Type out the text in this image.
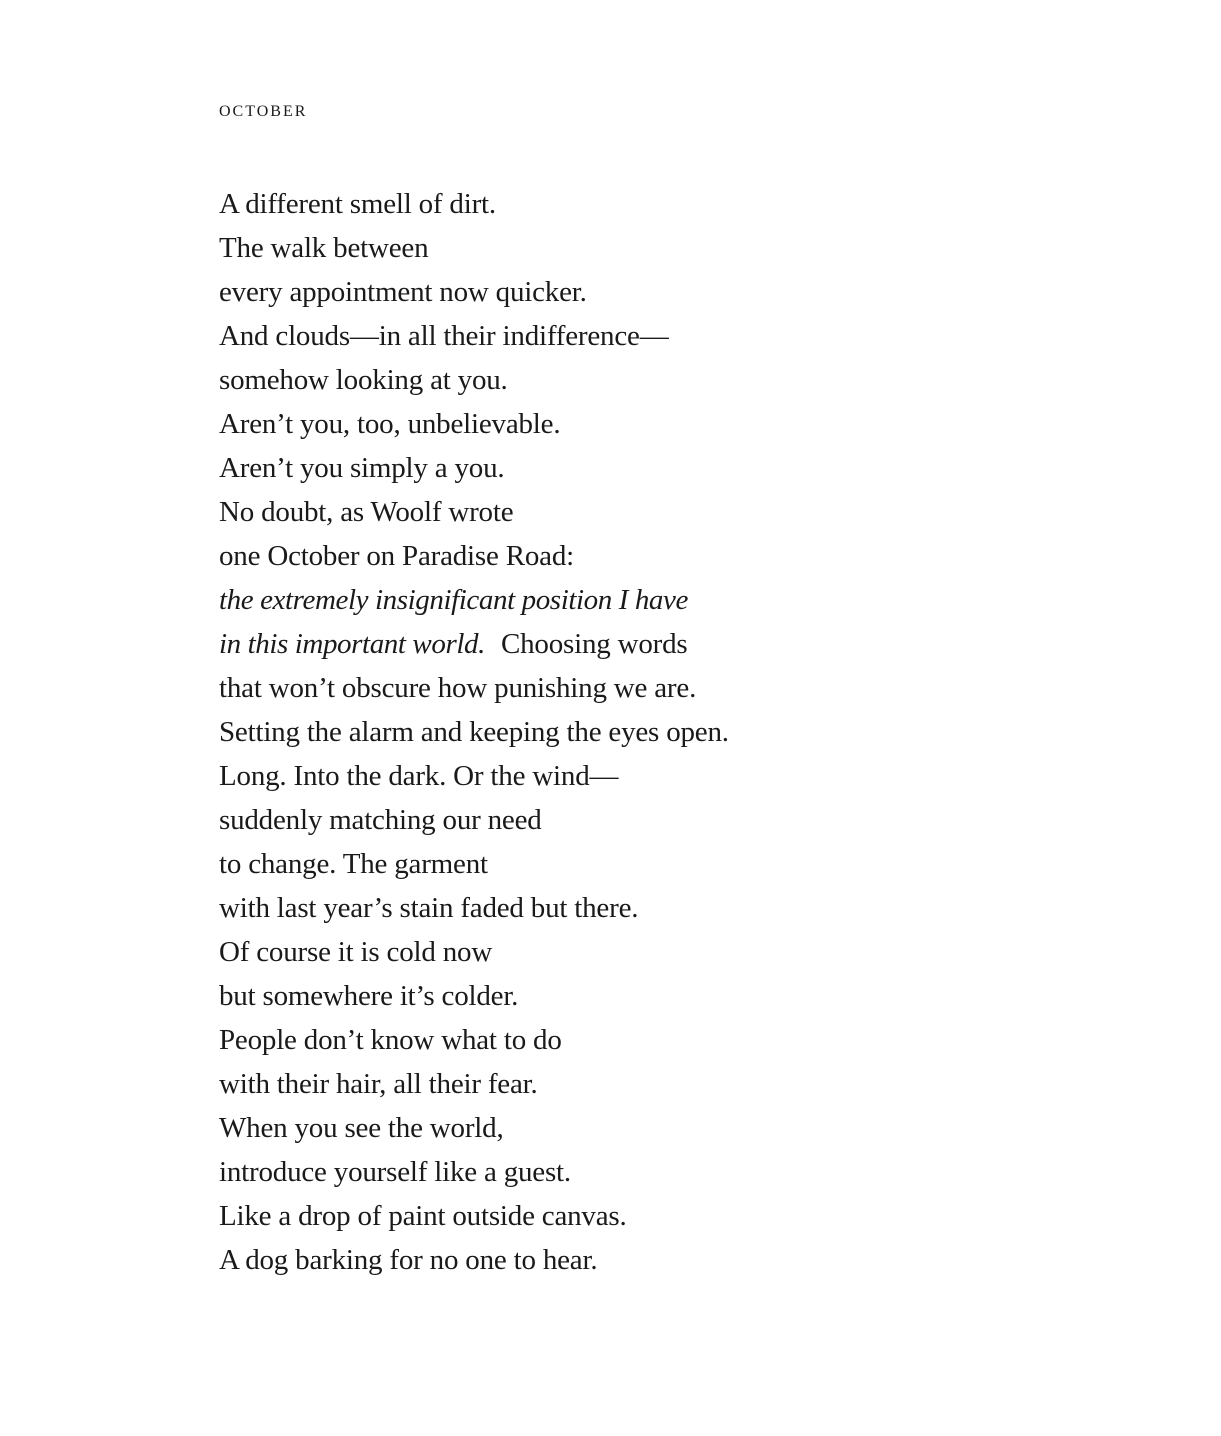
october
A different smell of dirt.
The walk between
every appointment now quicker.
And clouds—in all their indifference—
somehow looking at you.
Aren’t you, too, unbelievable.
Aren’t you simply a you.
No doubt, as Woolf wrote
one October on Paradise Road:
the extremely insignificant position I have
in this important world. Choosing words
that won’t obscure how punishing we are.
Setting the alarm and keeping the eyes open.
Long. Into the dark. Or the wind—
suddenly matching our need
to change. The garment
with last year’s stain faded but there.
Of course it is cold now
but somewhere it’s colder.
People don’t know what to do
with their hair, all their fear.
When you see the world,
introduce yourself like a guest.
Like a drop of paint outside canvas.
A dog barking for no one to hear.
